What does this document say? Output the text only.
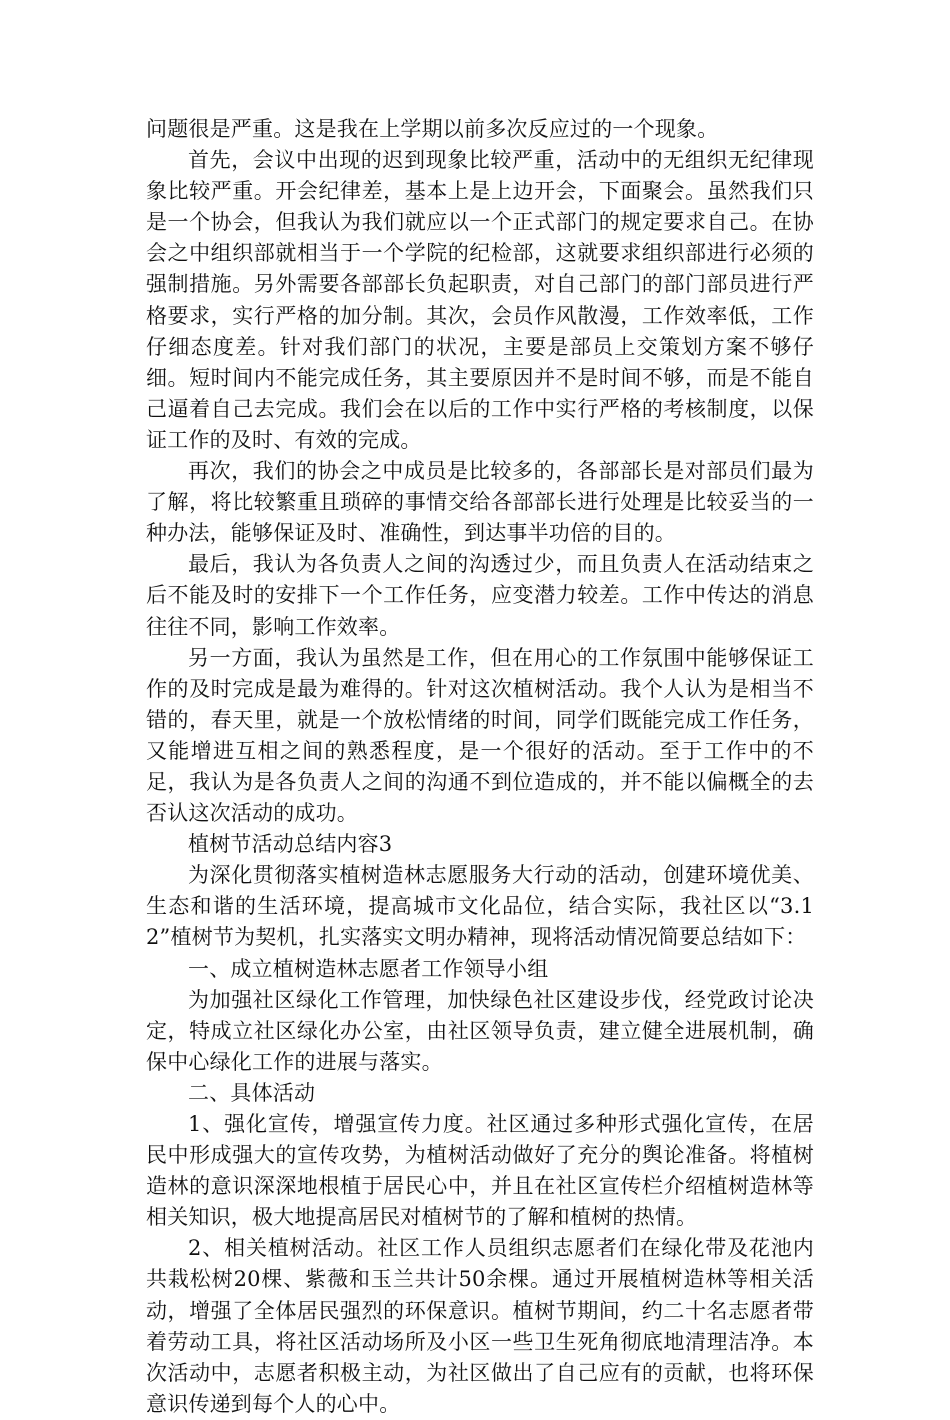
问题很是严重。这是我在上学期以前多次反应过的一个现象。

首先，会议中出现的迟到现象比较严重，活动中的无组织无纪律现象比较严重。开会纪律差，基本上是上边开会，下面聚会。虽然我们只是一个协会，但我认为我们就应以一个正式部门的规定要求自己。在协会之中组织部就相当于一个学院的纪检部，这就要求组织部进行必须的强制措施。另外需要各部部长负起职责，对自己部门的部门部员进行严格要求，实行严格的加分制。其次，会员作风散漫，工作效率低，工作仔细态度差。针对我们部门的状况，主要是部员上交策划方案不够仔细。短时间内不能完成任务，其主要原因并不是时间不够，而是不能自己逼着自己去完成。我们会在以后的工作中实行严格的考核制度，以保证工作的及时、有效的完成。

再次，我们的协会之中成员是比较多的，各部部长是对部员们最为了解，将比较繁重且琐碎的事情交给各部部长进行处理是比较妥当的一种办法，能够保证及时、准确性，到达事半功倍的目的。

最后，我认为各负责人之间的沟透过少，而且负责人在活动结束之后不能及时的安排下一个工作任务，应变潜力较差。工作中传达的消息往往不同，影响工作效率。

另一方面，我认为虽然是工作，但在用心的工作氛围中能够保证工作的及时完成是最为难得的。针对这次植树活动。我个人认为是相当不错的，春天里，就是一个放松情绪的时间，同学们既能完成工作任务，又能增进互相之间的熟悉程度，是一个很好的活动。至于工作中的不足，我认为是各负责人之间的沟通不到位造成的，并不能以偏概全的去否认这次活动的成功。

植树节活动总结内容3

为深化贯彻落实植树造林志愿服务大行动的活动，创建环境优美、生态和谐的生活环境，提高城市文化品位，结合实际，我社区以“3.12”植树节为契机，扎实落实文明办精神，现将活动情况简要总结如下：

一、成立植树造林志愿者工作领导小组

为加强社区绿化工作管理，加快绿色社区建设步伐，经党政讨论决定，特成立社区绿化办公室，由社区领导负责，建立健全进展机制，确保中心绿化工作的进展与落实。

二、具体活动

1、强化宣传，增强宣传力度。社区通过多种形式强化宣传，在居民中形成强大的宣传攻势，为植树活动做好了充分的舆论准备。将植树造林的意识深深地根植于居民心中，并且在社区宣传栏介绍植树造林等相关知识，极大地提高居民对植树节的了解和植树的热情。

2、相关植树活动。社区工作人员组织志愿者们在绿化带及花池内共栽松树20棵、紫薇和玉兰共计50余棵。通过开展植树造林等相关活动，增强了全体居民强烈的环保意识。植树节期间，约二十名志愿者带着劳动工具，将社区活动场所及小区一些卫生死角彻底地清理洁净。本次活动中，志愿者积极主动，为社区做出了自己应有的贡献，也将环保意识传递到每个人的心中。
